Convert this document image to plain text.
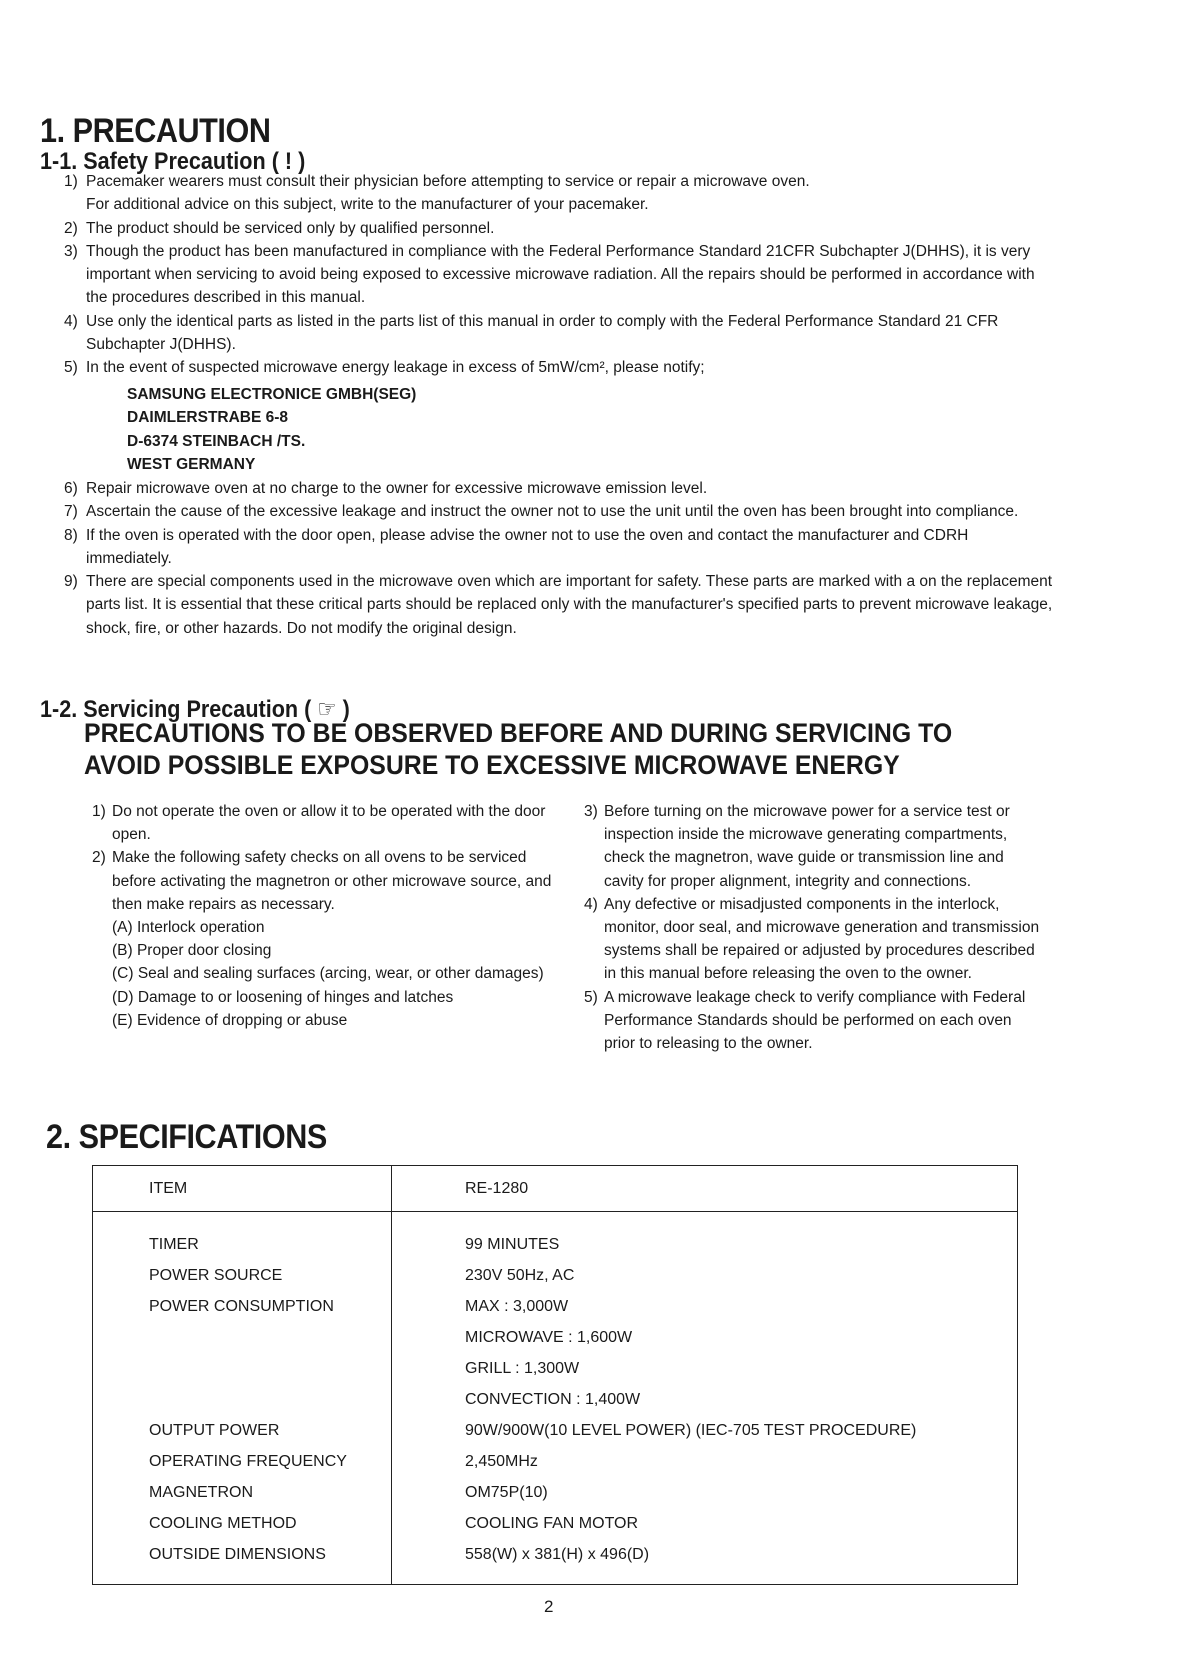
1. PRECAUTION
1-1. Safety Precaution ( ! )
1) Pacemaker wearers must consult their physician before attempting to service or repair a microwave oven.
For additional advice on this subject, write to the manufacturer of your pacemaker.
2) The product should be serviced only by qualified personnel.
3) Though the product has been manufactured in compliance with the Federal Performance Standard 21CFR Subchapter J(DHHS), it is very important when servicing to avoid being exposed to excessive microwave radiation. All the repairs should be performed in accordance with the procedures described in this manual.
4) Use only the identical parts as listed in the parts list of this manual in order to comply with the Federal Performance Standard 21 CFR Subchapter J(DHHS).
5) In the event of suspected microwave energy leakage in excess of 5mW/cm², please notify;
SAMSUNG ELECTRONICE GMBH(SEG)
DAIMLERSTRABE 6-8
D-6374 STEINBACH /TS.
WEST GERMANY
6) Repair microwave oven at no charge to the owner for excessive microwave emission level.
7) Ascertain the cause of the excessive leakage and instruct the owner not to use the unit until the oven has been brought into compliance.
8) If the oven is operated with the door open, please advise the owner not to use the oven and contact the manufacturer and CDRH immediately.
9) There are special components used in the microwave oven which are important for safety. These parts are marked with a on the replacement parts list. It is essential that these critical parts should be replaced only with the manufacturer's specified parts to prevent microwave leakage, shock, fire, or other hazards. Do not modify the original design.
1-2. Servicing Precaution ( ☞ )
PRECAUTIONS TO BE OBSERVED BEFORE AND DURING SERVICING TO
AVOID POSSIBLE EXPOSURE TO EXCESSIVE MICROWAVE ENERGY
1) Do not operate the oven or allow it to be operated with the door open.
2) Make the following safety checks on all ovens to be serviced before activating the magnetron or other microwave source, and then make repairs as necessary.
(A) Interlock operation
(B) Proper door closing
(C) Seal and sealing surfaces (arcing, wear, or other damages)
(D) Damage to or loosening of hinges and latches
(E) Evidence of dropping or abuse
3) Before turning on the microwave power for a service test or inspection inside the microwave generating compartments, check the magnetron, wave guide or transmission line and cavity for proper alignment, integrity and connections.
4) Any defective or misadjusted components in the interlock, monitor, door seal, and microwave generation and transmission systems shall be repaired or adjusted by procedures described in this manual before releasing the oven to the owner.
5) A microwave leakage check to verify compliance with Federal Performance Standards should be performed on each oven prior to releasing to the owner.
2. SPECIFICATIONS
ITEM	RE-1280
TIMER	99 MINUTES
POWER SOURCE	230V 50Hz, AC
POWER CONSUMPTION	MAX : 3,000W
MICROWAVE : 1,600W
GRILL : 1,300W
CONVECTION : 1,400W
OUTPUT POWER	90W/900W(10 LEVEL POWER) (IEC-705 TEST PROCEDURE)
OPERATING FREQUENCY	2,450MHz
MAGNETRON	OM75P(10)
COOLING METHOD	COOLING FAN MOTOR
OUTSIDE DIMENSIONS	558(W) x 381(H) x 496(D)
2
